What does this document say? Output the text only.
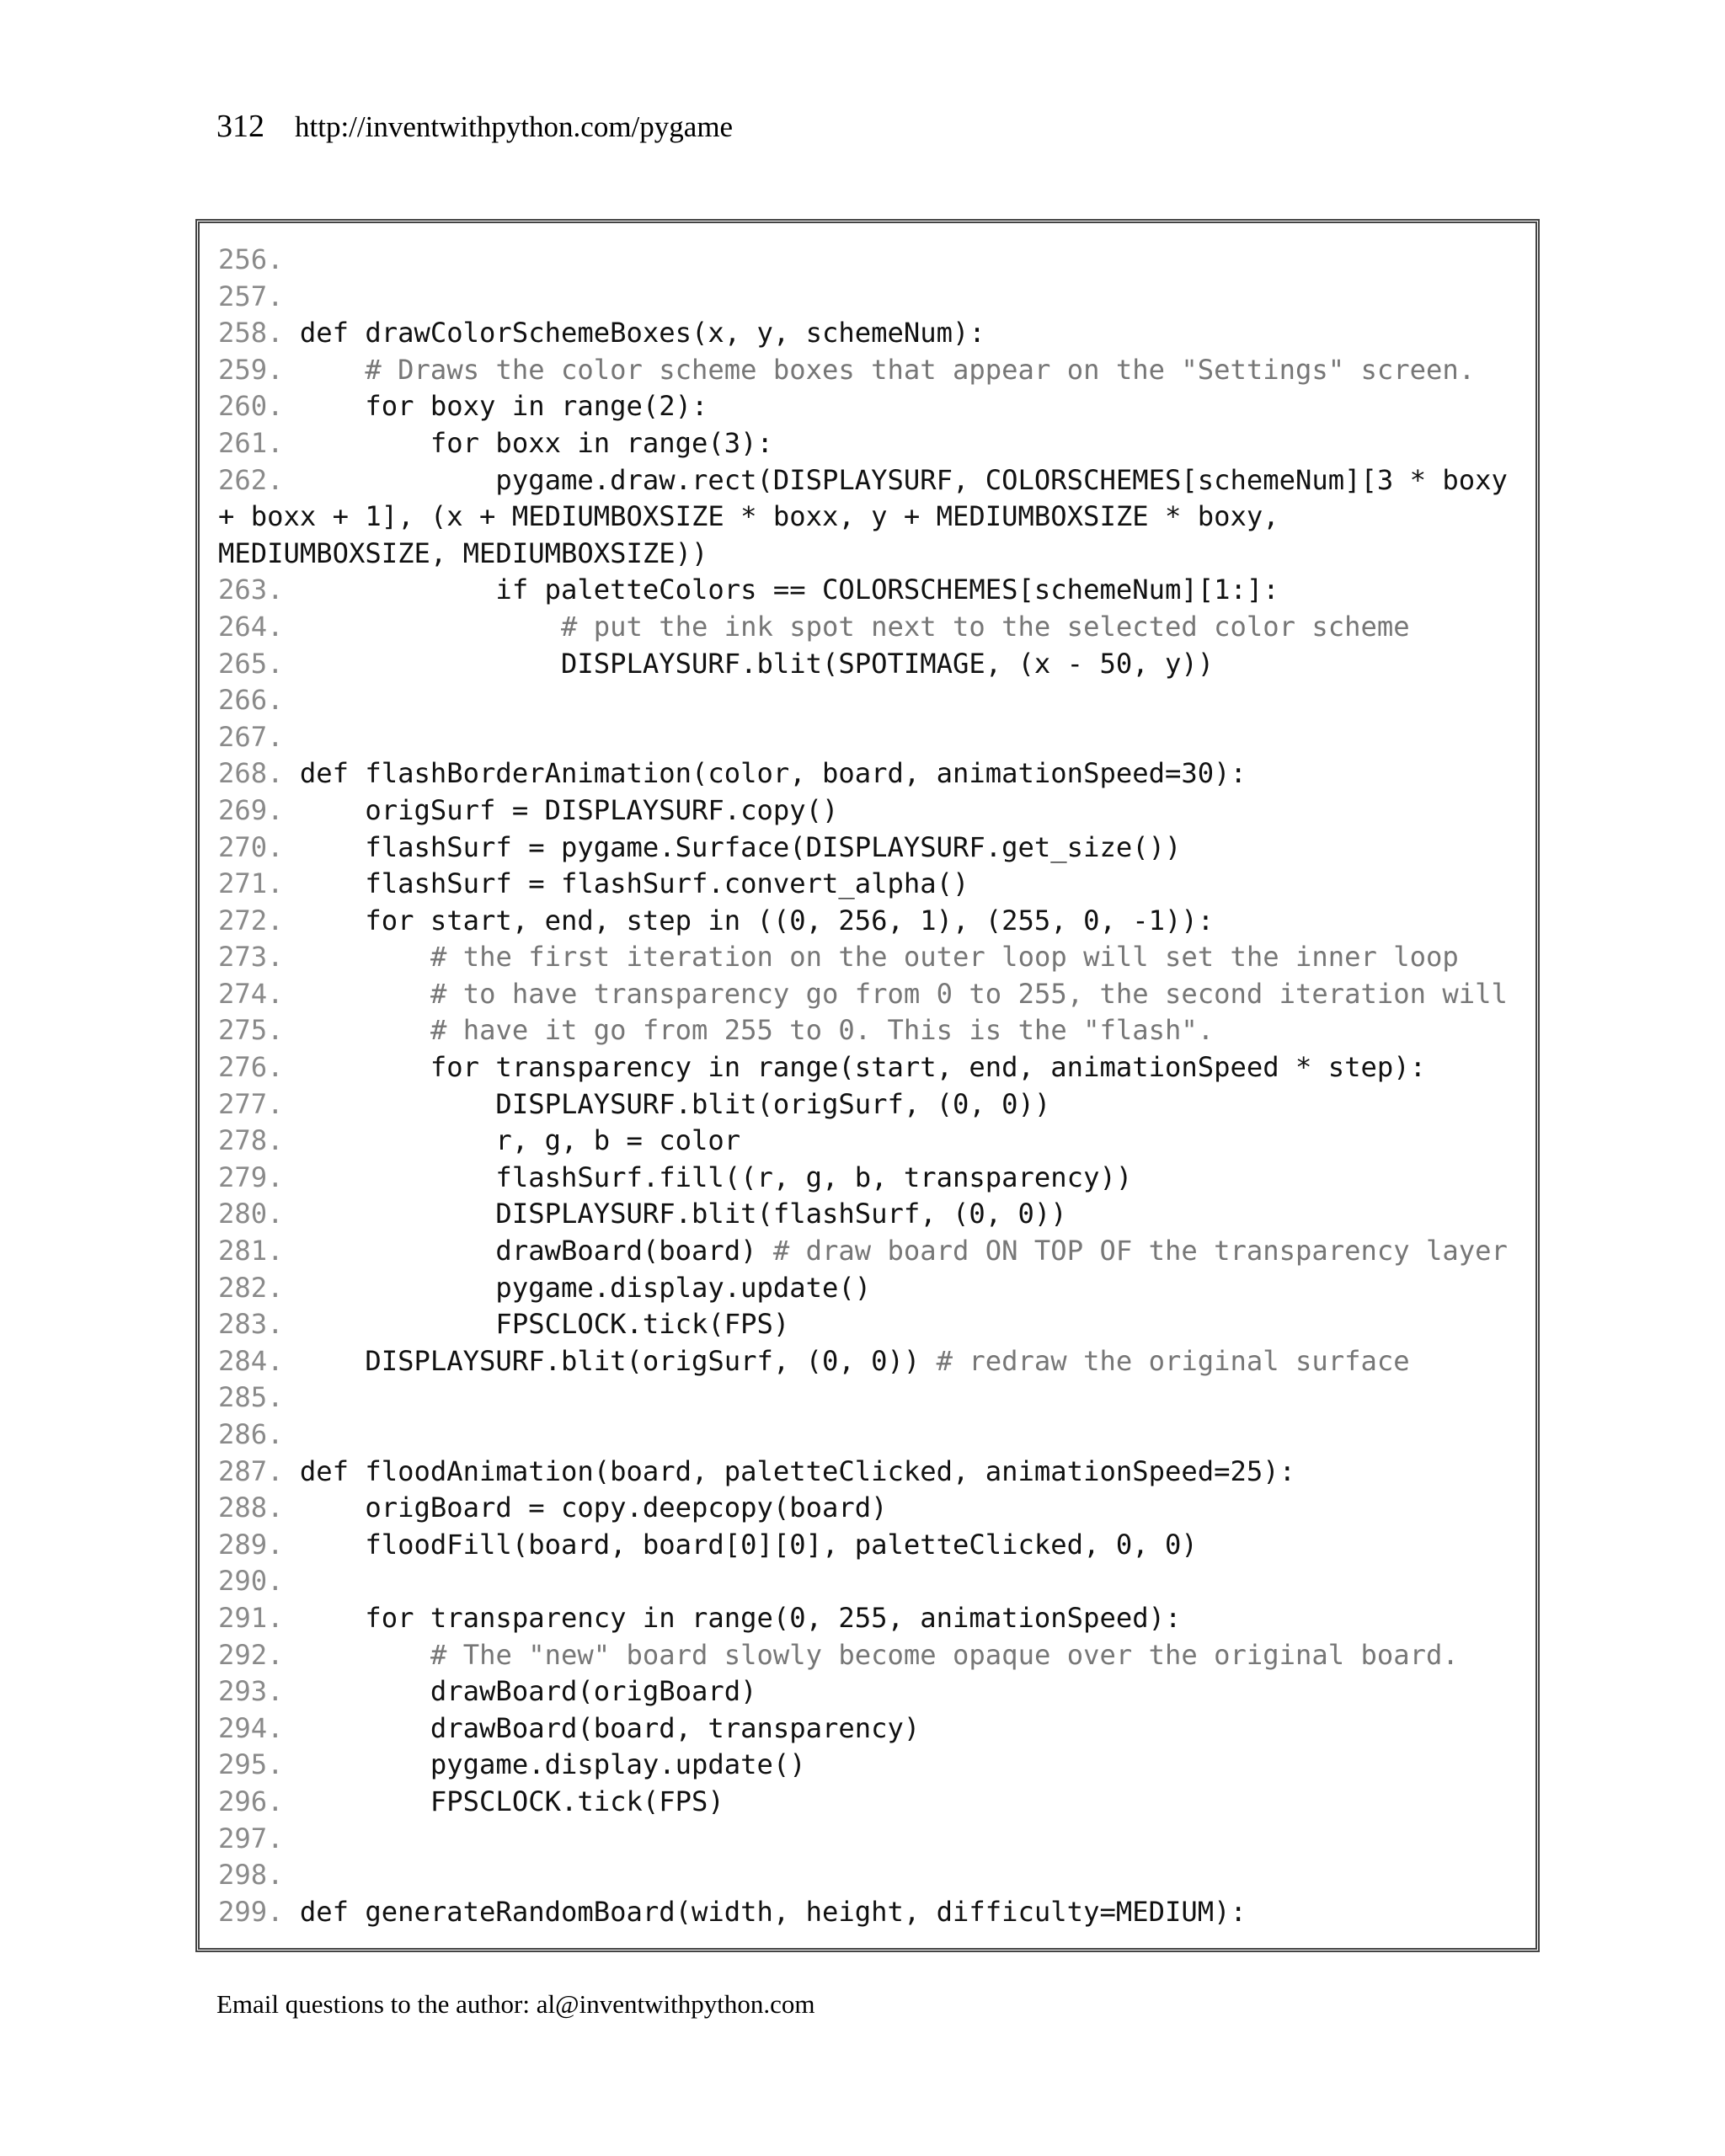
312 http://inventwithpython.com/pygame
256.
257.
258. def drawColorSchemeBoxes(x, y, schemeNum):
259.	# Draws the color scheme boxes that appear on the "Settings" screen.
260.     for boxy in range(2):
261.         for boxx in range(3):
262.             pygame.draw.rect(DISPLAYSURF, COLORSCHEMES[schemeNum][3 * boxy
+ boxx + 1], (x + MEDIUMBOXSIZE * boxx, y + MEDIUMBOXSIZE * boxy,
MEDIUMBOXSIZE, MEDIUMBOXSIZE))
263.             if paletteColors == COLORSCHEMES[schemeNum][1:]:
264.	# put the ink spot next to the selected color scheme
265.                 DISPLAYSURF.blit(SPOTIMAGE, (x - 50, y))
266.
267.
268. def flashBorderAnimation(color, board, animationSpeed=30):
269.     origSurf = DISPLAYSURF.copy()
270.     flashSurf = pygame.Surface(DISPLAYSURF.get_size())
271.     flashSurf = flashSurf.convert_alpha()
272.     for start, end, step in ((0, 256, 1), (255, 0, -1)):
273.	# the first iteration on the outer loop will set the inner loop
274.	# to have transparency go from 0 to 255, the second iteration will
275.	# have it go from 255 to 0. This is the "flash".
276.         for transparency in range(start, end, animationSpeed * step):
277.             DISPLAYSURF.blit(origSurf, (0, 0))
278.             r, g, b = color
279.             flashSurf.fill((r, g, b, transparency))
280.             DISPLAYSURF.blit(flashSurf, (0, 0))
281.             drawBoard(board) # draw board ON TOP OF the transparency layer
282.             pygame.display.update()
283.             FPSCLOCK.tick(FPS)
284.     DISPLAYSURF.blit(origSurf, (0, 0)) # redraw the original surface
285.
286.
287. def floodAnimation(board, paletteClicked, animationSpeed=25):
288.     origBoard = copy.deepcopy(board)
289.     floodFill(board, board[0][0], paletteClicked, 0, 0)
290.
291.     for transparency in range(0, 255, animationSpeed):
292.	# The "new" board slowly become opaque over the original board.
293.         drawBoard(origBoard)
294.         drawBoard(board, transparency)
295.         pygame.display.update()
296.         FPSCLOCK.tick(FPS)
297.
298.
299. def generateRandomBoard(width, height, difficulty=MEDIUM):
Email questions to the author: al@inventwithpython.com
